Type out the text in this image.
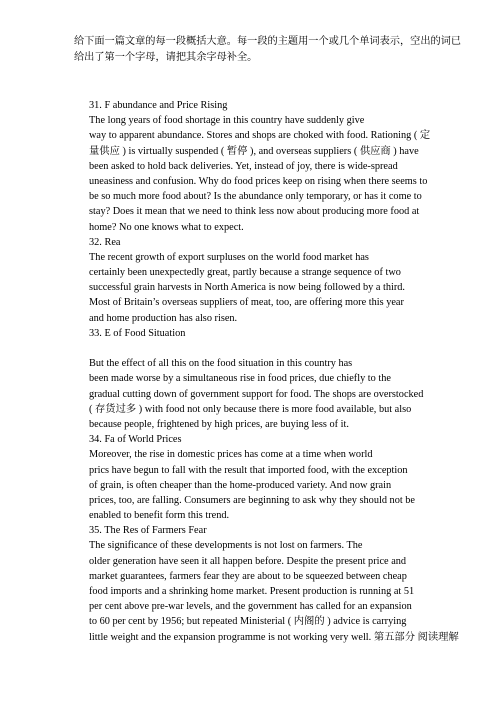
给下面一篇文章的每一段概括大意。每一段的主题用一个或几个单词表示，空出的词已给出了第一个字母，请把其余字母补全。
31. F abundance and Price Rising
The long years of food shortage in this country have suddenly give
way to apparent abundance. Stores and shops are choked with food. Rationing ( 定
量供应 ) is virtually suspended ( 暂停 ), and overseas suppliers ( 供应商 ) have
been asked to hold back deliveries. Yet, instead of joy, there is wide-spread
uneasiness and confusion. Why do food prices keep on rising when there seems to
be so much more food about? Is the abundance only temporary, or has it come to
stay? Does it mean that we need to think less now about producing more food at
home? No one knows what to expect.
32. Rea
The recent growth of export surpluses on the world food market has
certainly been unexpectedly great, partly because a strange sequence of two
successful grain harvests in North America is now being followed by a third.
Most of Britain’s overseas suppliers of meat, too, are offering more this year
and home production has also risen.
33. E of Food Situation
But the effect of all this on the food situation in this country has
been made worse by a simultaneous rise in food prices, due chiefly to the
gradual cutting down of government support for food. The shops are overstocked
( 存货过多 ) with food not only because there is more food available, but also
because people, frightened by high prices, are buying less of it.
34. Fa of World Prices
Moreover, the rise in domestic prices has come at a time when world
prics have begun to fall with the result that imported food, with the exception
of grain, is often cheaper than the home-produced variety. And now grain
prices, too, are falling. Consumers are beginning to ask why they should not be
enabled to benefit form this trend.
35. The Res of Farmers Fear
The significance of these developments is not lost on farmers. The
older generation have seen it all happen before. Despite the present price and
market guarantees, farmers fear they are about to be squeezed between cheap
food imports and a shrinking home market. Present production is running at 51
per cent above pre-war levels, and the government has called for an expansion
to 60 per cent by 1956; but repeated Ministerial ( 内阁的 ) advice is carrying
little weight and the expansion programme is not working very well. 第五部分 阅读理解
